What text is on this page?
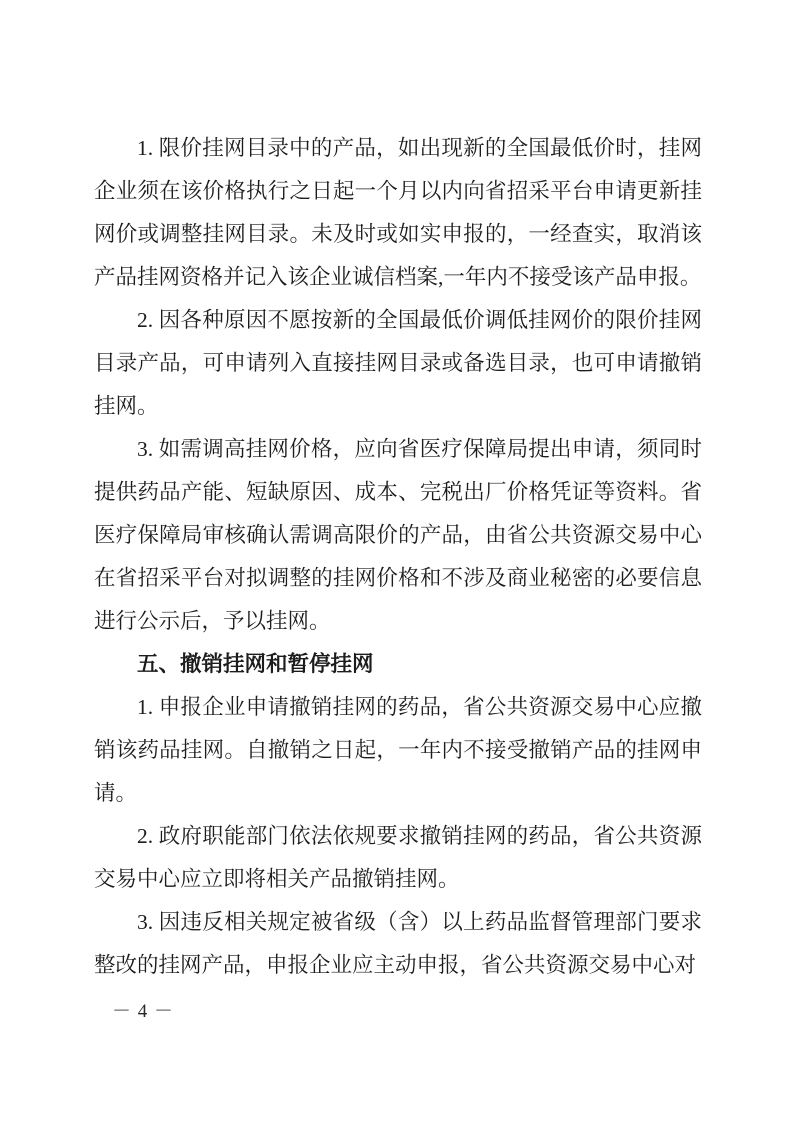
1. 限价挂网目录中的产品，如出现新的全国最低价时，挂网企业须在该价格执行之日起一个月以内向省招采平台申请更新挂网价或调整挂网目录。未及时或如实申报的，一经查实，取消该产品挂网资格并记入该企业诚信档案,一年内不接受该产品申报。

2. 因各种原因不愿按新的全国最低价调低挂网价的限价挂网目录产品，可申请列入直接挂网目录或备选目录，也可申请撤销挂网。

3. 如需调高挂网价格，应向省医疗保障局提出申请，须同时提供药品产能、短缺原因、成本、完税出厂价格凭证等资料。省医疗保障局审核确认需调高限价的产品，由省公共资源交易中心在省招采平台对拟调整的挂网价格和不涉及商业秘密的必要信息进行公示后，予以挂网。

五、撤销挂网和暂停挂网

1. 申报企业申请撤销挂网的药品，省公共资源交易中心应撤销该药品挂网。自撤销之日起，一年内不接受撤销产品的挂网申请。

2. 政府职能部门依法依规要求撤销挂网的药品，省公共资源交易中心应立即将相关产品撤销挂网。

3. 因违反相关规定被省级（含）以上药品监督管理部门要求整改的挂网产品，申报企业应主动申报，省公共资源交易中心对

－ 4 －
